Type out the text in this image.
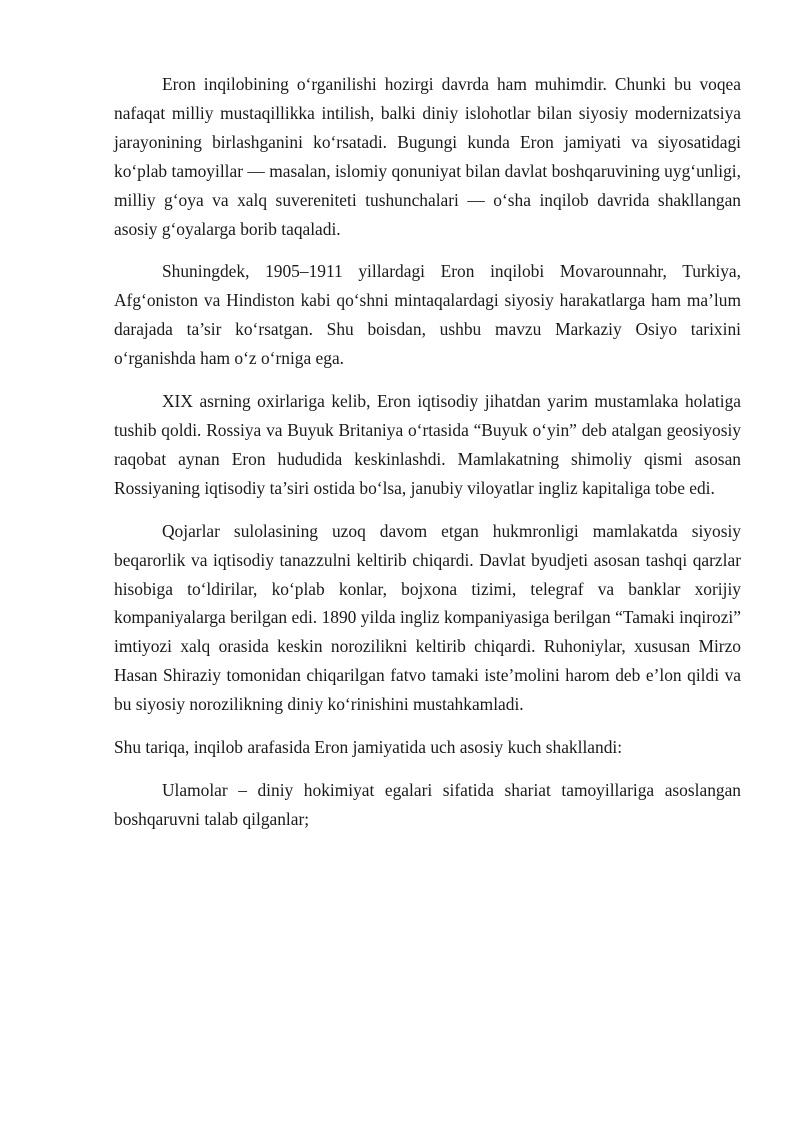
Eron inqilobining o‘rganilishi hozirgi davrda ham muhimdir. Chunki bu voqea nafaqat milliy mustaqillikka intilish, balki diniy islohotlar bilan siyosiy modernizatsiya jarayonining birlashganini ko‘rsatadi. Bugungi kunda Eron jamiyati va siyosatidagi ko‘plab tamoyillar — masalan, islomiy qonuniyat bilan davlat boshqaruvining uyg‘unligi, milliy g‘oya va xalq suvereniteti tushunchalari — o‘sha inqilob davrida shakllangan asosiy g‘oyalarga borib taqaladi.

Shuningdek, 1905–1911 yillardagi Eron inqilobi Movarounnahr, Turkiya, Afg‘oniston va Hindiston kabi qo‘shni mintaqalardagi siyosiy harakatlarga ham ma’lum darajada ta’sir ko‘rsatgan. Shu boisdan, ushbu mavzu Markaziy Osiyo tarixini o‘rganishda ham o‘z o‘rniga ega.

XIX asrning oxirlariga kelib, Eron iqtisodiy jihatdan yarim mustamlaka holatiga tushib qoldi. Rossiya va Buyuk Britaniya o‘rtasida “Buyuk o‘yin” deb atalgan geosiyosiy raqobat aynan Eron hududida keskinlashdi. Mamlakatning shimoliy qismi asosan Rossiyaning iqtisodiy ta’siri ostida bo‘lsa, janubiy viloyatlar ingliz kapitaliga tobe edi.

Qojarlar sulolasining uzoq davom etgan hukmronligi mamlakatda siyosiy beqarorlik va iqtisodiy tanazzulni keltirib chiqardi. Davlat byudjeti asosan tashqi qarzlar hisobiga to‘ldirilar, ko‘plab konlar, bojxona tizimi, telegraf va banklar xorijiy kompaniyalarga berilgan edi. 1890 yilda ingliz kompaniyasiga berilgan “Tamaki inqirozi” imtiyozi xalq orasida keskin norozilikni keltirib chiqardi. Ruhoniylar, xususan Mirzo Hasan Shiraziy tomonidan chiqarilgan fatvo tamaki iste’molini harom deb e’lon qildi va bu siyosiy norozilikning diniy ko‘rinishini mustahkamladi.

Shu tariqa, inqilob arafasida Eron jamiyatida uch asosiy kuch shakllandi:

Ulamolar – diniy hokimiyat egalari sifatida shariat tamoyillariga asoslangan boshqaruvni talab qilganlar;
